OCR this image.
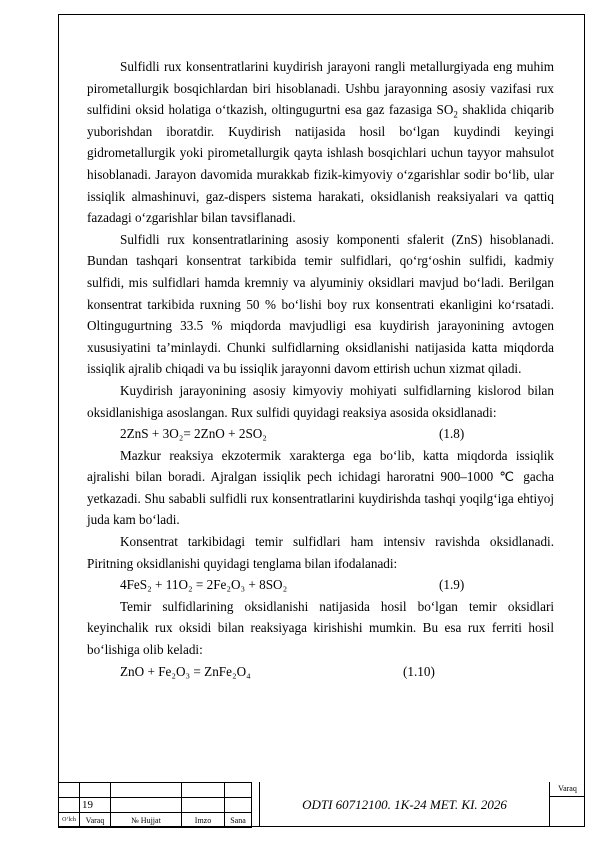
Sulfidli rux konsentratlarini kuydirish jarayoni rangli metallurgiyada eng muhim pirometallurgik bosqichlardan biri hisoblanadi. Ushbu jarayonning asosiy vazifasi rux sulfidini oksid holatiga o‘tkazish, oltingugurtni esa gaz fazasiga $SO_2$ shaklida chiqarib yuborishdan iboratdir. Kuydirish natijasida hosil bo‘lgan kuydindi keyingi gidrometallurgik yoki pirometallurgik qayta ishlash bosqichlari uchun tayyor mahsulot hisoblanadi. Jarayon davomida murakkab fizik-kimyoviy o‘zgarishlar sodir bo‘lib, ular issiqlik almashinuvi, gaz-dispers sistema harakati, oksidlanish reaksiyalari va qattiq fazadagi o‘zgarishlar bilan tavsiflanadi.

Sulfidli rux konsentratlarining asosiy komponenti sfalerit (ZnS) hisoblanadi. Bundan tashqari konsentrat tarkibida temir sulfidlari, qo‘rg‘oshin sulfidi, kadmiy sulfidi, mis sulfidlari hamda kremniy va alyuminiy oksidlari mavjud bo‘ladi. Berilgan konsentrat tarkibida ruxning 50 % bo‘lishi boy rux konsentrati ekanligini ko‘rsatadi. Oltingugurtning 33.5 % miqdorda mavjudligi esa kuydirish jarayonining avtogen xususiyatini ta’minlaydi. Chunki sulfidlarning oksidlanishi natijasida katta miqdorda issiqlik ajralib chiqadi va bu issiqlik jarayonni davom ettirish uchun xizmat qiladi.

Kuydirish jarayonining asosiy kimyoviy mohiyati sulfidlarning kislorod bilan oksidlanishiga asoslangan. Rux sulfidi quyidagi reaksiya asosida oksidlanadi:

2ZnS + 3O₂= 2ZnO + 2SO₂	(1.8)

Mazkur reaksiya ekzotermik xarakterga ega bo‘lib, katta miqdorda issiqlik ajralishi bilan boradi. Ajralgan issiqlik pech ichidagi haroratni 900–1000 ℃ gacha yetkazadi. Shu sababli sulfidli rux konsentratlarini kuydirishda tashqi yoqilg‘iga ehtiyoj juda kam bo‘ladi.

Konsentrat tarkibidagi temir sulfidlari ham intensiv ravishda oksidlanadi. Piritning oksidlanishi quyidagi tenglama bilan ifodalanadi:

4FeS₂ + 11O₂ = 2Fe₂O₃ + 8SO₂	(1.9)

Temir sulfidlarining oksidlanishi natijasida hosil bo‘lgan temir oksidlari keyinchalik rux oksidi bilan reaksiyaga kirishishi mumkin. Bu esa rux ferriti hosil bo‘lishiga olib keladi:

ZnO + Fe₂O₃ = ZnFe₂O₄	(1.10)

	19			
O‘lch	Varaq	№ Hujjat	Imzo	Sana
ODTI 60712100. 1K-24 MET. KI. 2026
Varaq
